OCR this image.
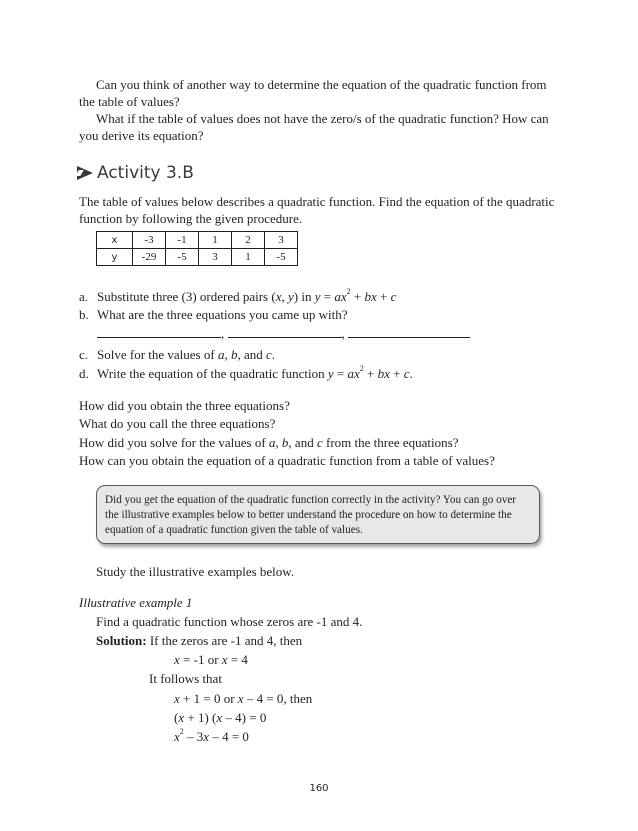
Can you think of another way to determine the equation of the quadratic function from the table of values?

What if the table of values does not have the zero/s of the quadratic function? How can you derive its equation?

Activity 3.B

The table of values below describes a quadratic function. Find the equation of the quadratic function by following the given procedure.

x	-3	-1	1	2	3
y	-29	-5	3	1	-5
a. Substitute three (3) ordered pairs (x, y) in $y = ax^2$ + bx + c
b. What are the three equations you came up with?
,	,
c. Solve for the values of a, b, and c.
d. Write the equation of the quadratic function $y = ax^2$ + bx + c.

How did you obtain the three equations?

What do you call the three equations?

How did you solve for the values of a, b, and c from the three equations?

How can you obtain the equation of a quadratic function from a table of values?

Did you get the equation of the quadratic function correctly in the activity? You can go over the illustrative examples below to better understand the procedure on how to determine the equation of a quadratic function given the table of values.

Study the illustrative examples below.

Illustrative example 1

Find a quadratic function whose zeros are -1 and 4.

Solution: If the zeros are -1 and 4, then

x = -1 or x = 4

It follows that

x + 1 = 0 or x – 4 = 0, then

(x + 1) (x – 4) = 0

$x^2 - 3x - 4 = 0$

160
